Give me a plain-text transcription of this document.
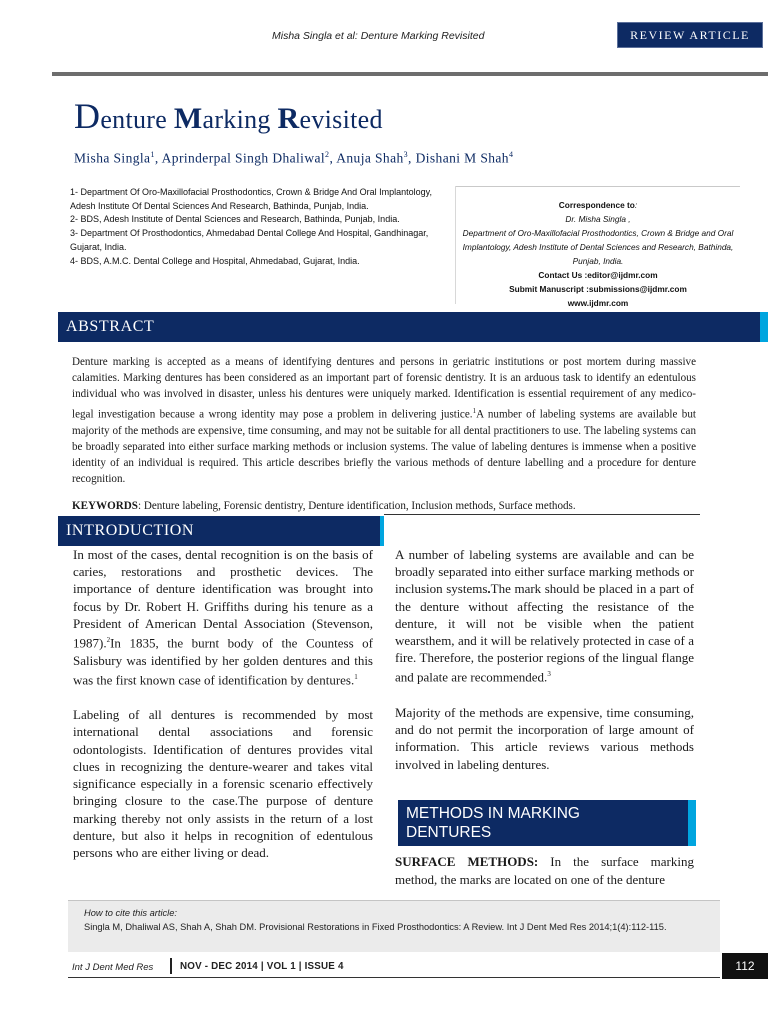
Misha Singla et al: Denture Marking Revisited	REVIEW ARTICLE
Denture Marking Revisited
Misha Singla$^1$, Aprinderpal Singh Dhaliwal$^2$, Anuja Shah$^3$, Dishani M Shah$^4$
1- Department Of Oro-Maxillofacial Prosthodontics, Crown & Bridge And Oral Implantology, Adesh Institute Of Dental Sciences And Research, Bathinda, Punjab, India.
2- BDS, Adesh Institute of Dental Sciences and Research, Bathinda, Punjab, India.
3- Department Of Prosthodontics, Ahmedabad Dental College And Hospital, Gandhinagar, Gujarat, India.
4- BDS, A.M.C. Dental College and Hospital, Ahmedabad, Gujarat, India.
Correspondence to:
Dr. Misha Singla ,
Department of Oro-Maxillofacial Prosthodontics, Crown & Bridge and Oral Implantology, Adesh Institute of Dental Sciences and Research, Bathinda, Punjab, India.
Contact Us :editor@ijdmr.com
Submit Manuscript :submissions@ijdmr.com
www.ijdmr.com
ABSTRACT
Denture marking is accepted as a means of identifying dentures and persons in geriatric institutions or post mortem during massive calamities. Marking dentures has been considered as an important part of forensic dentistry. It is an arduous task to identify an edentulous individual who was involved in disaster, unless his dentures were uniquely marked. Identification is essential requirement of any medico- legal investigation because a wrong identity may pose a problem in delivering justice.$^1$A number of labeling systems are available but majority of the methods are expensive, time consuming, and may not be suitable for all dental practitioners to use. The labeling systems can be broadly separated into either surface marking methods or inclusion systems. The value of labeling dentures is immense when a positive identity of an individual is required. This article describes briefly the various methods of denture labelling and a procedure for denture recognition.
KEYWORDS: Denture labeling, Forensic dentistry, Denture identification, Inclusion methods, Surface methods.
INTRODUCTION

In most of the cases, dental recognition is on the basis of caries, restorations and prosthetic devices. The importance of denture identification was brought into focus by Dr. Robert H. Griffiths during his tenure as a President of American Dental Association (Stevenson, 1987).$^2$In 1835, the burnt body of the Countess of Salisbury was identified by her golden dentures and this was the first known case of identification by dentures.$^1$

Labeling of all dentures is recommended by most international dental associations and forensic odontologists. Identification of dentures provides vital clues in recognizing the denture-wearer and takes vital significance especially in a forensic scenario effectively bringing closure to the case.The purpose of denture marking thereby not only assists in the return of a lost denture, but also it helps in recognition of edentulous persons who are either living or dead.

A number of labeling systems are available and can be broadly separated into either surface marking methods or inclusion systems.The mark should be placed in a part of the denture without affecting the resistance of the denture, it will not be visible when the patient wearsthem, and it will be relatively protected in case of a fire. Therefore, the posterior regions of the lingual flange and palate are recommended.$^3$

Majority of the methods are expensive, time consuming, and do not permit the incorporation of large amount of information. This article reviews various methods involved in labeling dentures.

METHODS IN MARKING DENTURES
SURFACE METHODS: In the surface marking method, the marks are located on one of the denture
How to cite this article:
Singla M, Dhaliwal AS, Shah A, Shah DM. Provisional Restorations in Fixed Prosthodontics: A Review. Int J Dent Med Res 2014;1(4):112-115.
Int J Dent Med Res	NOV - DEC 2014 | VOL 1 | ISSUE 4	112
